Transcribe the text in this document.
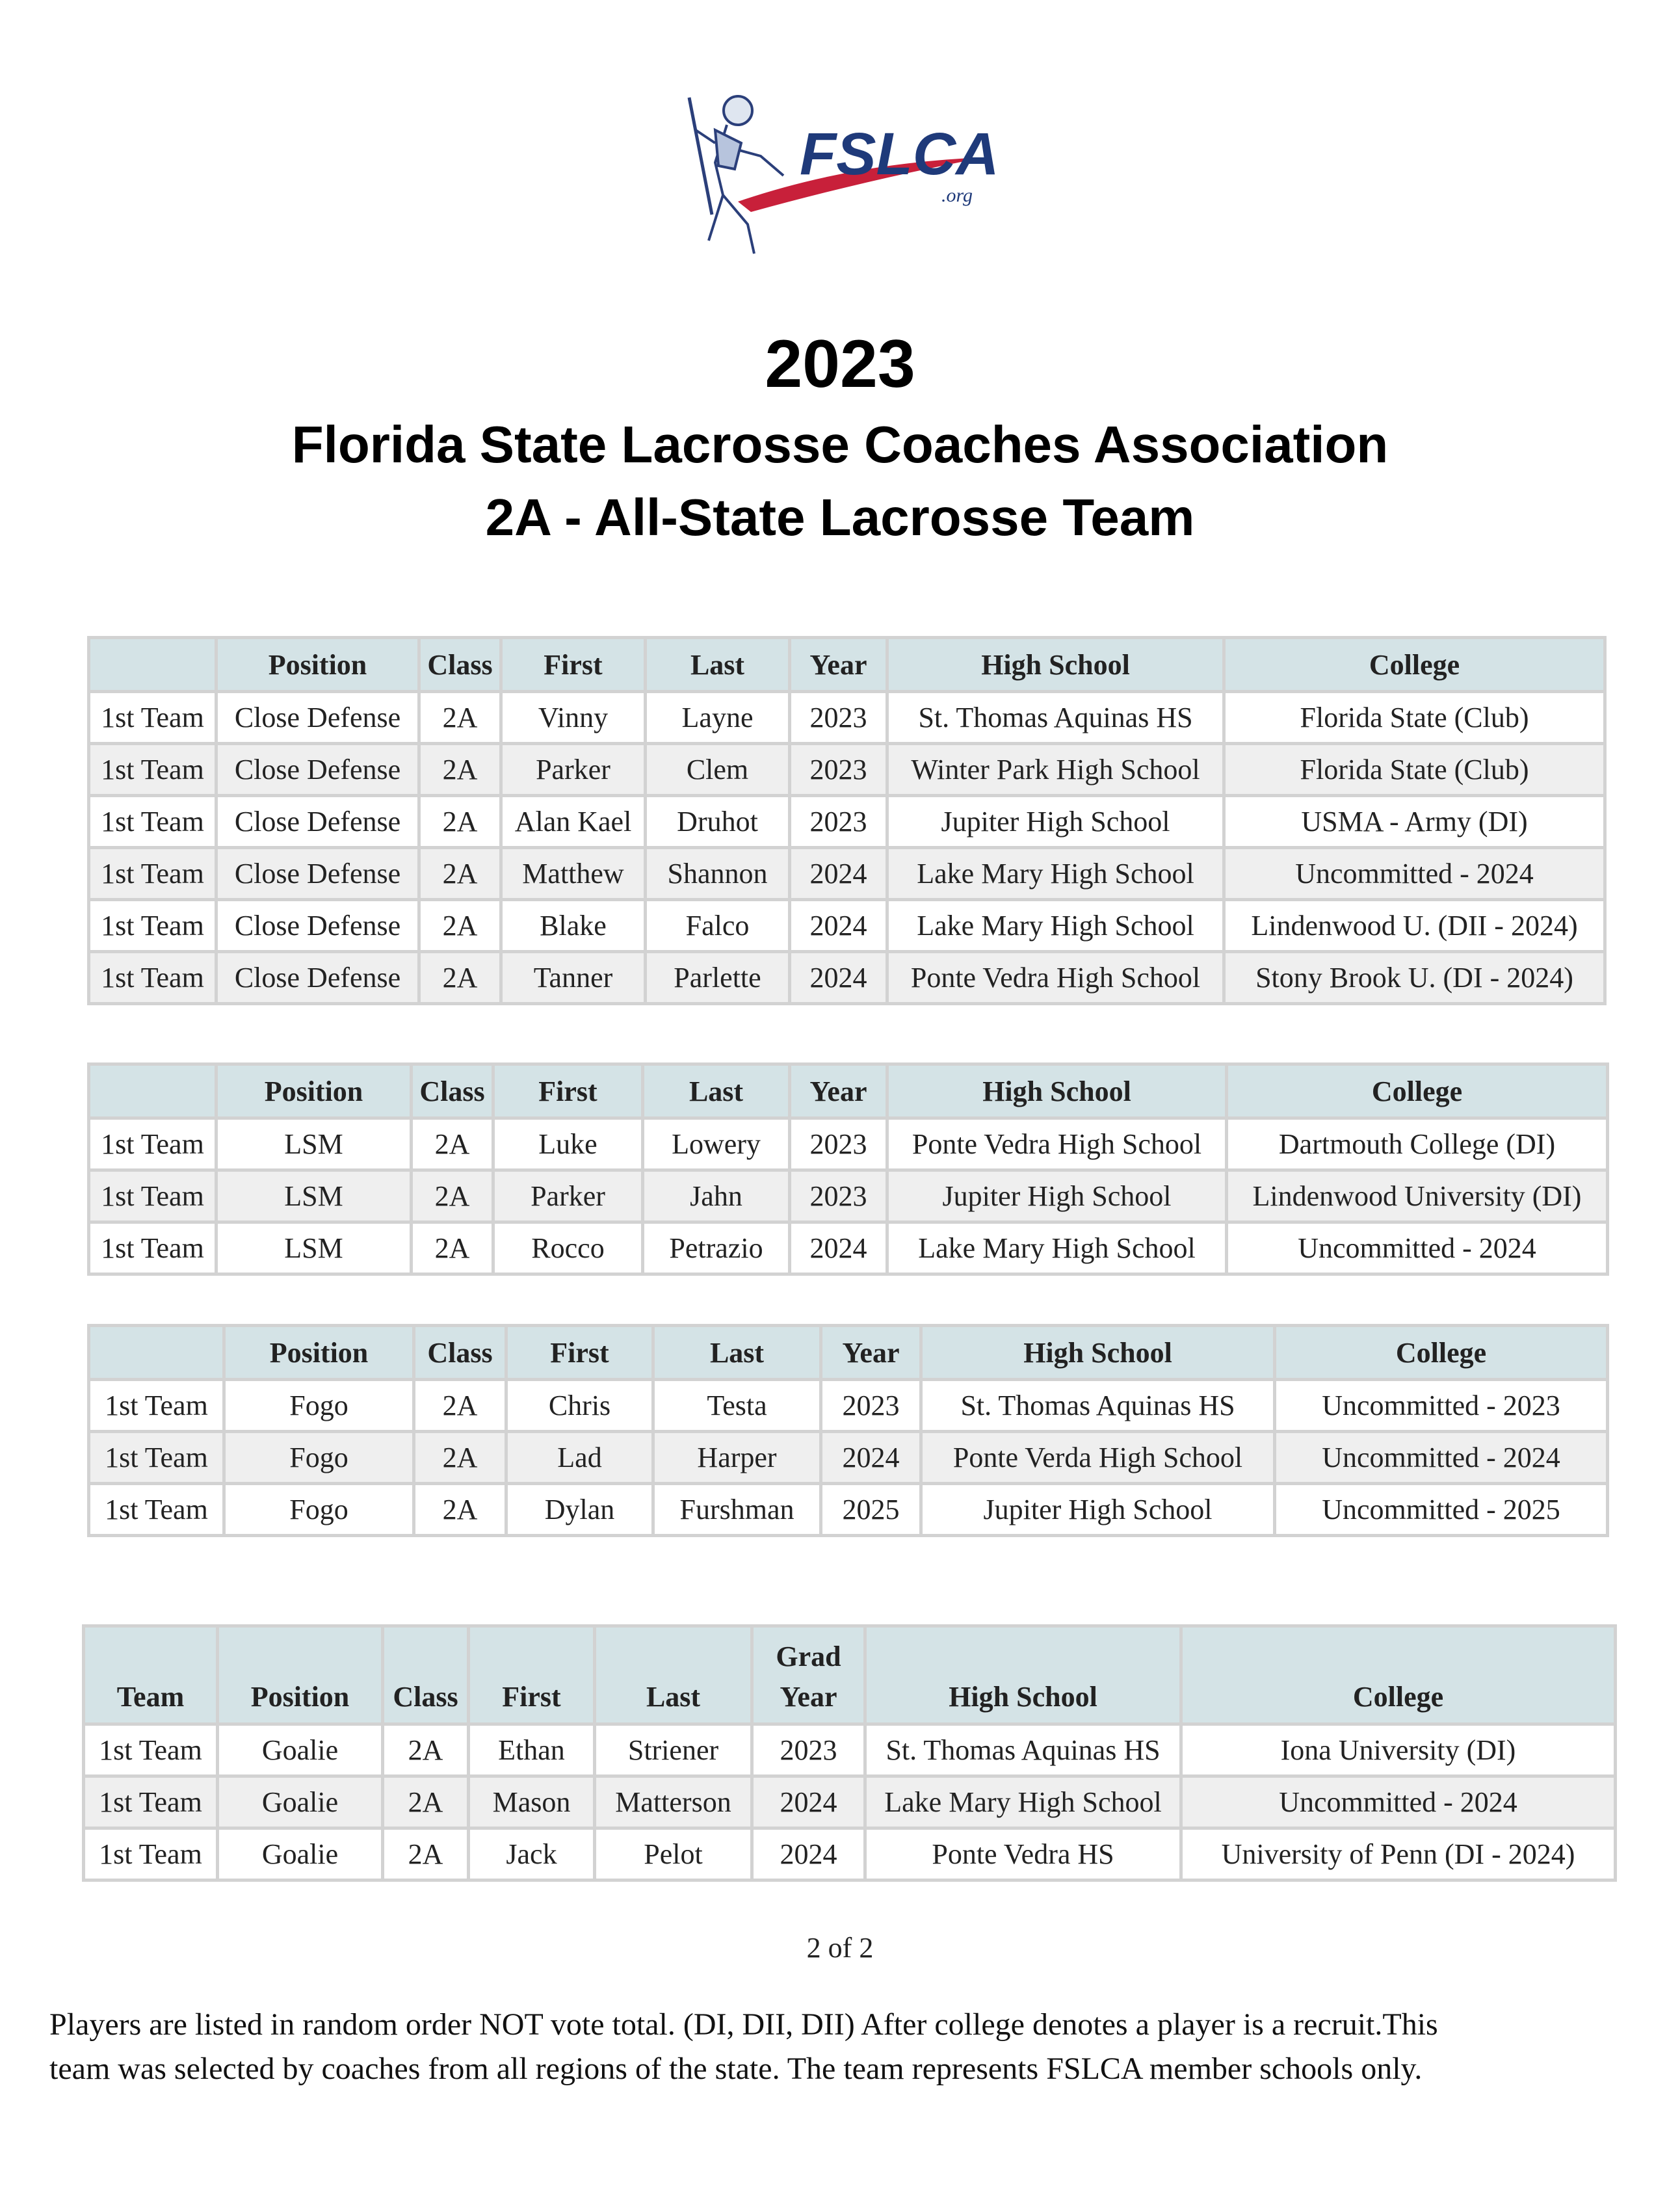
FSLCA
.org
2023
Florida State Lacrosse Coaches Association
2A - All-State Lacrosse Team
	Position	Class	First	Last	Year	High School	College
1st Team	Close Defense	2A	Vinny	Layne	2023	St. Thomas Aquinas HS	Florida State (Club)
1st Team	Close Defense	2A	Parker	Clem	2023	Winter Park High School	Florida State (Club)
1st Team	Close Defense	2A	Alan Kael	Druhot	2023	Jupiter High School	USMA - Army (DI)
1st Team	Close Defense	2A	Matthew	Shannon	2024	Lake Mary High School	Uncommitted - 2024
1st Team	Close Defense	2A	Blake	Falco	2024	Lake Mary High School	Lindenwood U. (DII - 2024)
1st Team	Close Defense	2A	Tanner	Parlette	2024	Ponte Vedra High School	Stony Brook U. (DI - 2024)
	Position	Class	First	Last	Year	High School	College
1st Team	LSM	2A	Luke	Lowery	2023	Ponte Vedra High School	Dartmouth College (DI)
1st Team	LSM	2A	Parker	Jahn	2023	Jupiter High School	Lindenwood University (DI)
1st Team	LSM	2A	Rocco	Petrazio	2024	Lake Mary High School	Uncommitted - 2024
	Position	Class	First	Last	Year	High School	College
1st Team	Fogo	2A	Chris	Testa	2023	St. Thomas Aquinas HS	Uncommitted - 2023
1st Team	Fogo	2A	Lad	Harper	2024	Ponte Verda High School	Uncommitted - 2024
1st Team	Fogo	2A	Dylan	Furshman	2025	Jupiter High School	Uncommitted - 2025
Team	Position	Class	First	Last	Grad Year	High School	College
1st Team	Goalie	2A	Ethan	Striener	2023	St. Thomas Aquinas HS	Iona University (DI)
1st Team	Goalie	2A	Mason	Matterson	2024	Lake Mary High School	Uncommitted - 2024
1st Team	Goalie	2A	Jack	Pelot	2024	Ponte Vedra HS	University of Penn (DI - 2024)
2 of 2
Players are listed in random order NOT vote total. (DI, DII, DII) After college denotes a player is a recruit.This team was selected by coaches from all regions of the state. The team represents FSLCA member schools only.
